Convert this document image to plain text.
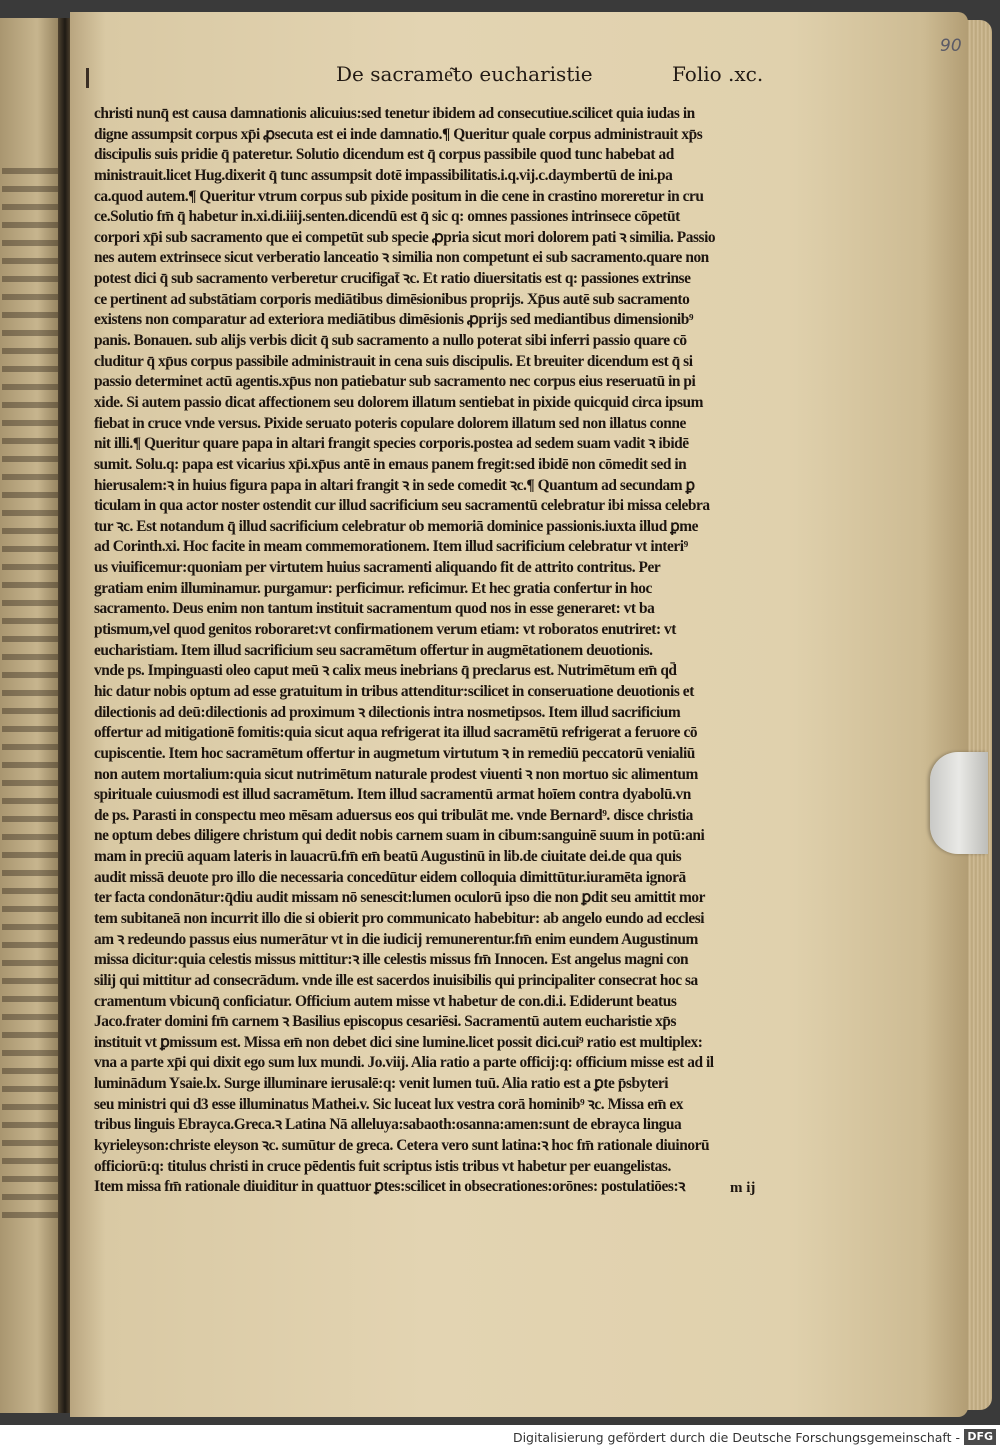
90
De sacrame͂to eucharistie	Folio .xc.
christi nunq̄ est causa damnationis alicuius:sed tenetur ibidem ad consecutiue.scilicet quia iudas in
digne assumpsit corpus xp̄i ꝓsecuta est ei inde damnatio.¶ Queritur quale corpus administrauit xp̄s
discipulis suis pridie q̄ pateretur. Solutio dicendum est q̄ corpus passibile quod tunc habebat ad
ministrauit.licet Hug.dixerit q̄ tunc assumpsit dotē impassibilitatis.i.q.vij.c.daymbertū de ini.pa
ca.quod autem.¶ Queritur vtrum corpus sub pixide positum in die cene in crastino moreretur in cru
ce.Solutio fm̄ q̄ habetur in.xi.di.iiij.senten.dicendū est q̄ sic q: omnes passiones intrinsece cōpetūt
corpori xp̄i sub sacramento que ei competūt sub specie ꝓpria sicut mori dolorem pati ꝛ similia. Passio
nes autem extrinsece sicut verberatio lanceatio ꝛ similia non competunt ei sub sacramento.quare non
potest dici q̄ sub sacramento verberetur crucifigat̄ ꝛc. Et ratio diuersitatis est q: passiones extrinse
ce pertinent ad substātiam corporis mediātibus dimēsionibus proprijs. Xp̄us autē sub sacramento
existens non comparatur ad exteriora mediātibus dimēsionis ꝓprijs sed mediantibus dimensionib⁹
panis. Bonauen. sub alijs verbis dicit q̄ sub sacramento a nullo poterat sibi inferri passio quare cō
cluditur q̄ xp̄us corpus passibile administrauit in cena suis discipulis. Et breuiter dicendum est q̄ si
passio determinet actū agentis.xp̄us non patiebatur sub sacramento nec corpus eius reseruatū in pi
xide. Si autem passio dicat affectionem seu dolorem illatum sentiebat in pixide quicquid circa ipsum
fiebat in cruce vnde versus. Pixide seruato poteris copulare dolorem illatum sed non illatus conne
nit illi.¶ Queritur quare papa in altari frangit species corporis.postea ad sedem suam vadit ꝛ ibidē
sumit. Solu.q: papa est vicarius xp̄i.xp̄us antē in emaus panem fregit:sed ibidē non cōmedit sed in
hierusalem:ꝛ in huius figura papa in altari frangit ꝛ in sede comedit ꝛc.¶ Quantum ad secundam ꝑ
ticulam in qua actor noster ostendit cur illud sacrificium seu sacramentū celebratur ibi missa celebra
tur ꝛc. Est notandum q̄ illud sacrificium celebratur ob memoriā dominice passionis.iuxta illud ꝑme
ad Corinth.xi. Hoc facite in meam commemorationem. Item illud sacrificium celebratur vt interi⁹
us viuificemur:quoniam per virtutem huius sacramenti aliquando fit de attrito contritus. Per
gratiam enim illuminamur. purgamur: perficimur. reficimur. Et hec gratia confertur in hoc
sacramento. Deus enim non tantum instituit sacramentum quod nos in esse generaret: vt ba
ptismum,vel quod genitos roboraret:vt confirmationem verum etiam: vt roboratos enutriret: vt
eucharistiam. Item illud sacrificium seu sacramētum offertur in augmētationem deuotionis.
vnde ps. Impinguasti oleo caput meū ꝛ calix meus inebrians q̄ preclarus est. Nutrimētum em̄ qd̄
hic datur nobis optum ad esse gratuitum in tribus attenditur:scilicet in conseruatione deuotionis et
dilectionis ad deū:dilectionis ad proximum ꝛ dilectionis intra nosmetipsos. Item illud sacrificium
offertur ad mitigationē fomitis:quia sicut aqua refrigerat ita illud sacramētū refrigerat a feruore cō
cupiscentie. Item hoc sacramētum offertur in augmetum virtutum ꝛ in remediū peccatorū venialiū
non autem mortalium:quia sicut nutrimētum naturale prodest viuenti ꝛ non mortuo sic alimentum
spirituale cuiusmodi est illud sacramētum. Item illud sacramentū armat hoīem contra dyabolū.vn
de ps. Parasti in conspectu meo mēsam aduersus eos qui tribulāt me. vnde Bernard⁹. disce christia
ne optum debes diligere christum qui dedit nobis carnem suam in cibum:sanguinē suum in potū:ani
mam in preciū aquam lateris in lauacrū.fm̄ em̄ beatū Augustinū in lib.de ciuitate dei.de qua quis
audit missā deuote pro illo die necessaria concedūtur eidem colloquia dimittūtur.iuramēta ignorā
ter facta condonātur:q̄diu audit missam nō senescit:lumen oculorū ipso die non ꝑdit seu amittit mor
tem subitaneā non incurrit illo die si obierit pro communicato habebitur: ab angelo eundo ad ecclesi
am ꝛ redeundo passus eius numerātur vt in die iudicij remunerentur.fm̄ enim eundem Augustinum
missa dicitur:quia celestis missus mittitur:ꝛ ille celestis missus fm̄ Innocen. Est angelus magni con
silij qui mittitur ad consecrādum. vnde ille est sacerdos inuisibilis qui principaliter consecrat hoc sa
cramentum vbicunq̄ conficiatur. Officium autem misse vt habetur de con.di.i. Ediderunt beatus
Jaco.frater domini fm̄ carnem ꝛ Basilius episcopus cesariēsi. Sacramentū autem eucharistie xp̄s
instituit vt ꝑmissum est. Missa em̄ non debet dici sine lumine.licet possit dici.cui⁹ ratio est multiplex:
vna a parte xp̄i qui dixit ego sum lux mundi. Jo.viij. Alia ratio a parte officij:q: officium misse est ad il
luminādum Ysaie.lx. Surge illuminare ierusalē:q: venit lumen tuū. Alia ratio est a ꝑte p̄sbyteri
seu ministri qui d3 esse illuminatus Mathei.v. Sic luceat lux vestra corā hominib⁹ ꝛc. Missa em̄ ex
tribus linguis Ebrayca.Greca.ꝛ Latina Nā alleluya:sabaoth:osanna:amen:sunt de ebrayca lingua
kyrieleyson:christe eleyson ꝛc. sumūtur de greca. Cetera vero sunt latina:ꝛ hoc fm̄ rationale diuinorū
officiorū:q: titulus christi in cruce pēdentis fuit scriptus istis tribus vt habetur per euangelistas.
Item missa fm̄ rationale diuiditur in quattuor ꝑtes:scilicet in obsecrationes:orōnes: postulatiōes:ꝛ	m ij
Digitalisierung gefördert durch die Deutsche Forschungsgemeinschaft - DFG
